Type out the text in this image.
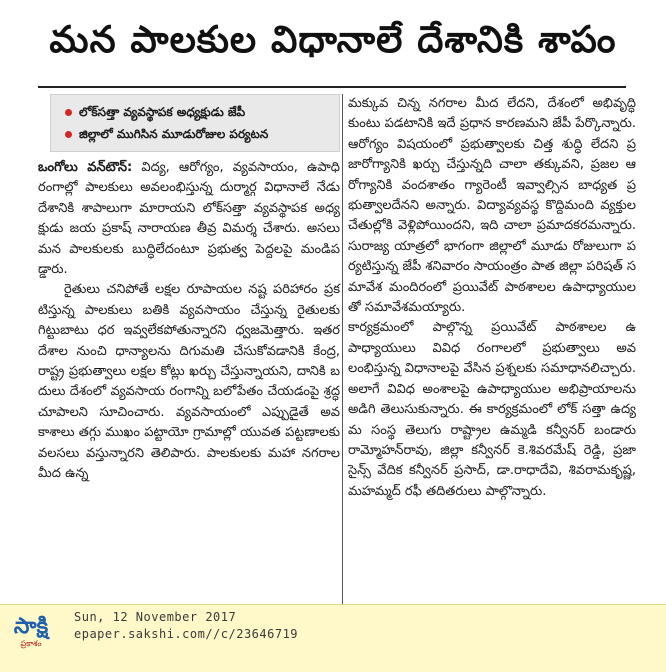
మన పాలకుల విధానాలే దేశానికి శాపం
లోక్‌సత్తా వ్యవస్థాపక అధ్యక్షుడు జేపీ
జిల్లాలో ముగిసిన మూడురోజుల పర్యటన

ఒంగోలు వన్‌టౌన్‌: విద్య, ఆరోగ్యం, వ్యవసాయం, ఉపాధి రంగాల్లో పాలకులు అవలంభిస్తున్న దుర్మార్గ విధానాలే నేడు దేశానికి శాపాలుగా మారాయని లోక్‌సత్తా వ్యవస్థాపక అధ్యక్షుడు జయ ప్రకాష్‌ నారాయణ తీవ్ర విమర్శ చేశారు. అసలు మన పాలకులకు బుద్ధిలేదంటూ ప్రభుత్వ పెద్దలపై మండిపడ్డారు.

రైతులు చనిపోతే లక్షల రూపాయల నష్ట పరిహారం ప్రకటిస్తున్న పాలకులు బతికి వ్యవసాయం చేస్తున్న రైతులకు గిట్టుబాటు ధర ఇవ్వలేకపోతున్నారని ధ్వజమెత్తారు. ఇతర దేశాల నుంచి ధాన్యాలను దిగుమతి చేసుకోవడానికి కేంద్ర, రాష్ట్ర ప్రభుత్వాలు లక్షల కోట్లు ఖర్చు చేస్తున్నాయని, దానికి బదులు దేశంలో వ్యవసాయ రంగాన్ని బలోపేతం చేయడంపై శ్రద్ధ చూపాలని సూచించారు. వ్యవసాయంలో ఎప్పుడైతే అవకాశాలు తగ్గు ముఖం పట్టాయో గ్రామాల్లో యువత పట్టణాలకు వలసలు వస్తున్నారని తెలిపారు. పాలకులకు మహా నగరాల మీద ఉన్న

మక్కువ చిన్న నగరాల మీద లేదని, దేశంలో అభివృద్ధి కుంటు పడటానికి ఇదే ప్రధాన కారణమని జేపీ పేర్కొన్నారు. ఆరోగ్యం విషయంలో ప్రభుత్వాలకు చిత్త శుద్ధి లేదని ప్రజారోగ్యానికి ఖర్చు చేస్తున్నది చాలా తక్కువని, ప్రజల ఆరోగ్యానికి వందశాతం గ్యారెంటీ ఇవ్వాల్సిన బాధ్యత ప్రభుత్వాలదేనని అన్నారు. విద్యావ్యవస్థ కొద్దిమంది వ్యక్తుల చేతుల్లోకి వెళ్లిపోయిందని, ఇది చాలా ప్రమాదకరమన్నారు. సురాజ్య యాత్రలో భాగంగా జిల్లాలో మూడు రోజులుగా పర్యటిస్తున్న జేపీ శనివారం సాయంత్రం పాత జిల్లా పరిషత్‌ సమావేశ మందిరంలో ప్రయివేట్‌ పాఠశాలల ఉపాధ్యాయులతో సమావేశమయ్యారు.

కార్యక్రమంలో పాల్గొన్న ప్రయివేట్‌ పాఠశాలల ఉపాధ్యాయులు వివిధ రంగాలలో ప్రభుత్వాలు అవలంభిస్తున్న విధానాలపై వేసిన ప్రశ్నలకు సమాధానలిచ్చారు. అలాగే వివిధ అంశాలపై ఉపాధ్యాయుల అభిప్రాయాలను అడిగి తెలుసుకున్నారు. ఈ కార్యక్రమంలో లోక్‌ సత్తా ఉద్యమ సంస్థ తెలుగు రాష్ట్రాల ఉమ్మడి కన్వీనర్‌ బండారు రామ్మోహన్‌రావు, జిల్లా కన్వీనర్‌ కె.శివరమేష్‌ రెడ్డి, ప్రజా సైన్స్‌ వేదిక కన్వీనర్‌ ప్రసాద్‌, డా.రాధాదేవి, శివరామకృష్ణ, మహమ్మద్‌ రఫీ తదితరులు పాల్గొన్నారు.

సాక్షి
ప్రకాశం
Sun, 12 November 2017
epaper.sakshi.com//c/23646719
